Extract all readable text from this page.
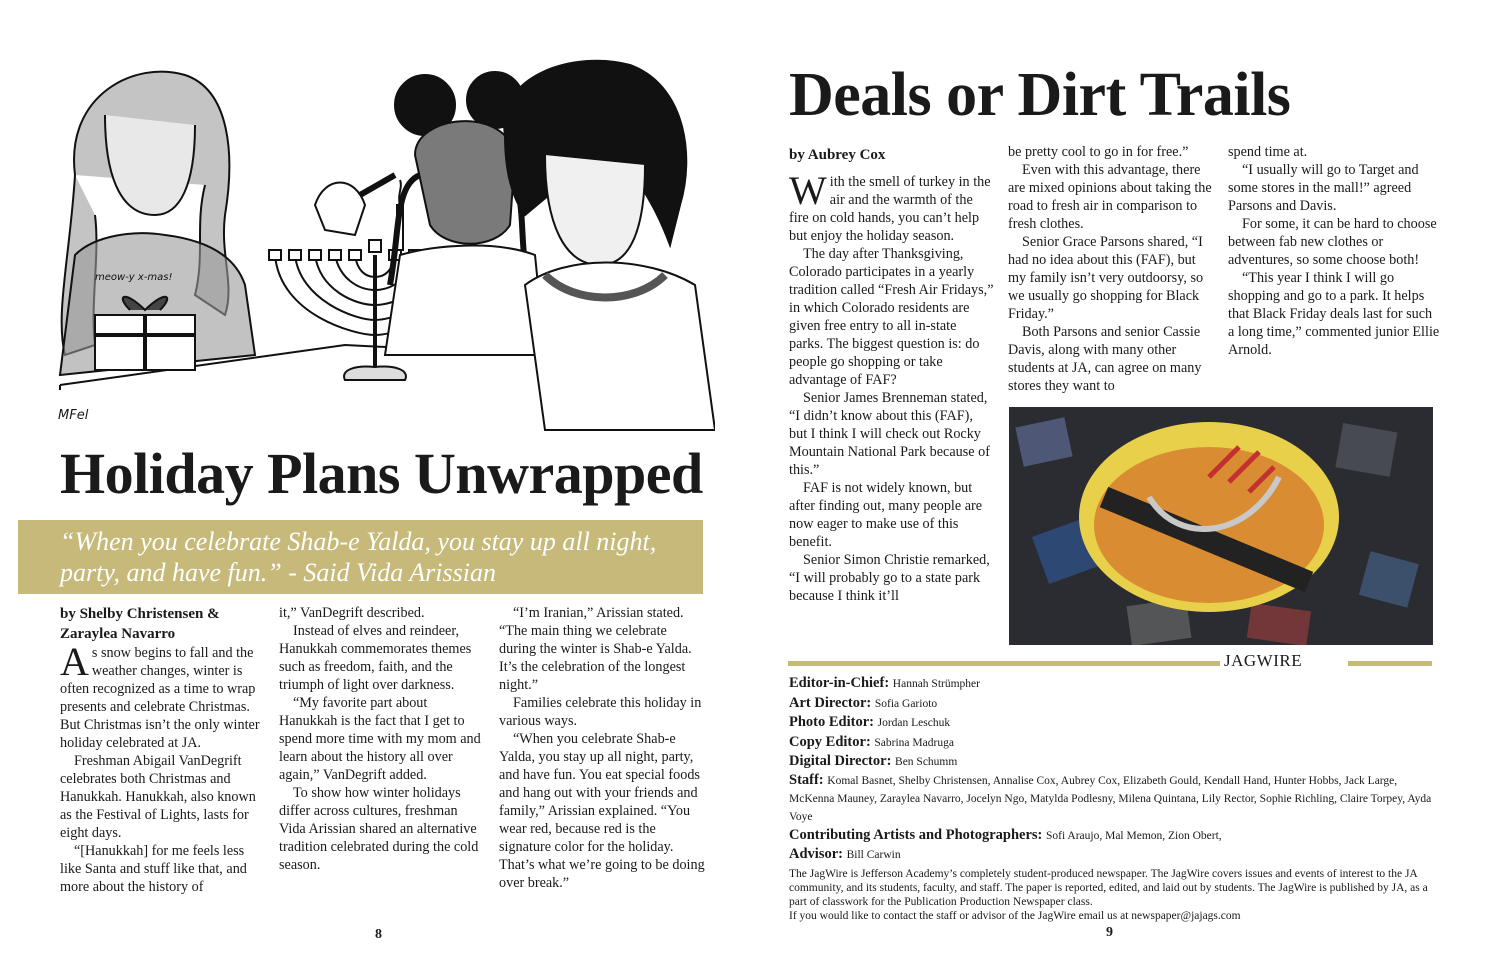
meow-y x-mas!
MFel
Holiday Plans Unwrapped

“When you celebrate Shab-e Yalda, you stay up all night, party, and have fun.” - Said Vida Arissian

by Shelby Christensen &
Zaraylea Navarro

As snow begins to fall and the weather changes, winter is often recognized as a time to wrap presents and celebrate Christmas. But Christmas isn’t the only winter holiday celebrated at JA.

Freshman Abigail VanDegrift celebrates both Christmas and Hanukkah. Hanukkah, also known as the Festival of Lights, lasts for eight days.

“[Hanukkah] for me feels less like Santa and stuff like that, and more about the history of

it,” VanDegrift described.

Instead of elves and reindeer, Hanukkah commemorates themes such as freedom, faith, and the triumph of light over darkness.

“My favorite part about Hanukkah is the fact that I get to spend more time with my mom and learn about the history all over again,” VanDegrift added.

To show how winter holidays differ across cultures, freshman Vida Arissian shared an alternative tradition celebrated during the cold season.

“I’m Iranian,” Arissian stated. “The main thing we celebrate during the winter is Shab-e Yalda. It’s the celebration of the longest night.”

Families celebrate this holiday in various ways.

“When you celebrate Shab-e Yalda, you stay up all night, party, and have fun. You eat special foods and hang out with your friends and family,” Arissian explained. “You wear red, because red is the signature color for the holiday. That’s what we’re going to be doing over break.”

8
Deals or Dirt Trails
by Aubrey Cox

With the smell of turkey in the air and the warmth of the fire on cold hands, you can’t help but enjoy the holiday season.

The day after Thanksgiving, Colorado participates in a yearly tradition called “Fresh Air Fridays,” in which Colorado residents are given free entry to all in-state parks. The biggest question is: do people go shopping or take advantage of FAF?

Senior James Brenneman stated, “I didn’t know about this (FAF), but I think I will check out Rocky Mountain National Park because of this.”

FAF is not widely known, but after finding out, many people are now eager to make use of this benefit.

Senior Simon Christie remarked, “I will probably go to a state park because I think it’ll

be pretty cool to go in for free.”

Even with this advantage, there are mixed opinions about taking the road to fresh air in comparison to fresh clothes.

Senior Grace Parsons shared, “I had no idea about this (FAF), but my family isn’t very outdoorsy, so we usually go shopping for Black Friday.”

Both Parsons and senior Cassie Davis, along with many other students at JA, can agree on many stores they want to

spend time at.

“I usually will go to Target and some stores in the mall!” agreed Parsons and Davis.

For some, it can be hard to choose between fab new clothes or adventures, so some choose both!

“This year I think I will go shopping and go to a park. It helps that Black Friday deals last for such a long time,” commented junior Ellie Arnold.

JAGWIRE
Editor-in-Chief: Hannah Strümpher
Art Director: Sofia Garioto
Photo Editor: Jordan Leschuk
Copy Editor: Sabrina Madruga
Digital Director: Ben Schumm
Staff: Komal Basnet, Shelby Christensen, Annalise Cox, Aubrey Cox, Elizabeth Gould, Kendall Hand, Hunter Hobbs, Jack Large, McKenna Mauney, Zaraylea Navarro, Jocelyn Ngo, Matylda Podlesny, Milena Quintana, Lily Rector, Sophie Richling, Claire Torpey, Ayda Voye
Contributing Artists and Photographers: Sofi Araujo, Mal Memon, Zion Obert,
Advisor: Bill Carwin
The JagWire is Jefferson Academy’s completely student-produced newspaper. The JagWire covers issues and events of interest to the JA community, and its students, faculty, and staff. The paper is reported, edited, and laid out by students. The JagWire is published by JA, as a part of classwork for the Publication Production Newspaper class.
If you would like to contact the staff or advisor of the JagWire email us at newspaper@jajags.com
9
